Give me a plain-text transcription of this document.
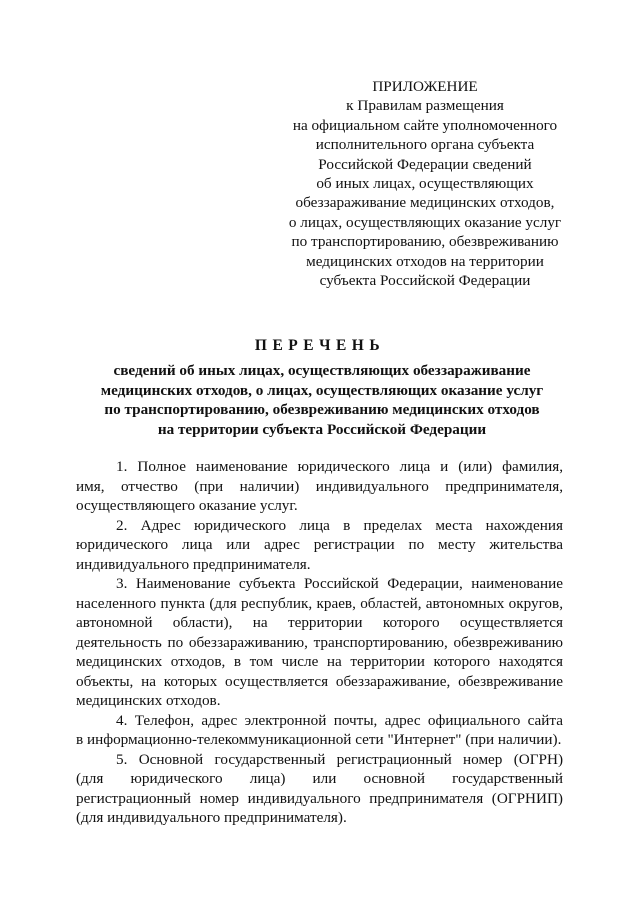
ПРИЛОЖЕНИЕ
к Правилам размещения
на официальном сайте уполномоченного
исполнительного органа субъекта
Российской Федерации сведений
об иных лицах, осуществляющих
обеззараживание медицинских отходов,
о лицах, осуществляющих оказание услуг
по транспортированию, обезвреживанию
медицинских отходов на территории
субъекта Российской Федерации
ПЕРЕЧЕНЬ
сведений об иных лицах, осуществляющих обеззараживание
медицинских отходов, о лицах, осуществляющих оказание услуг
по транспортированию, обезвреживанию медицинских отходов
на территории субъекта Российской Федерации
1. Полное наименование юридического лица и (или) фамилия,
имя, отчество (при наличии) индивидуального предпринимателя,
осуществляющего оказание услуг.
2. Адрес юридического лица в пределах места нахождения
юридического лица или адрес регистрации по месту жительства
индивидуального предпринимателя.
3. Наименование субъекта Российской Федерации, наименование
населенного пункта (для республик, краев, областей, автономных округов,
автономной области), на территории которого осуществляется
деятельность по обеззараживанию, транспортированию, обезвреживанию
медицинских отходов, в том числе на территории которого находятся
объекты, на которых осуществляется обеззараживание, обезвреживание
медицинских отходов.
4. Телефон, адрес электронной почты, адрес официального сайта
в информационно-телекоммуникационной сети "Интернет" (при наличии).
5. Основной государственный регистрационный номер (ОГРН)
(для юридического лица) или основной государственный
регистрационный номер индивидуального предпринимателя (ОГРНИП)
(для индивидуального предпринимателя).
